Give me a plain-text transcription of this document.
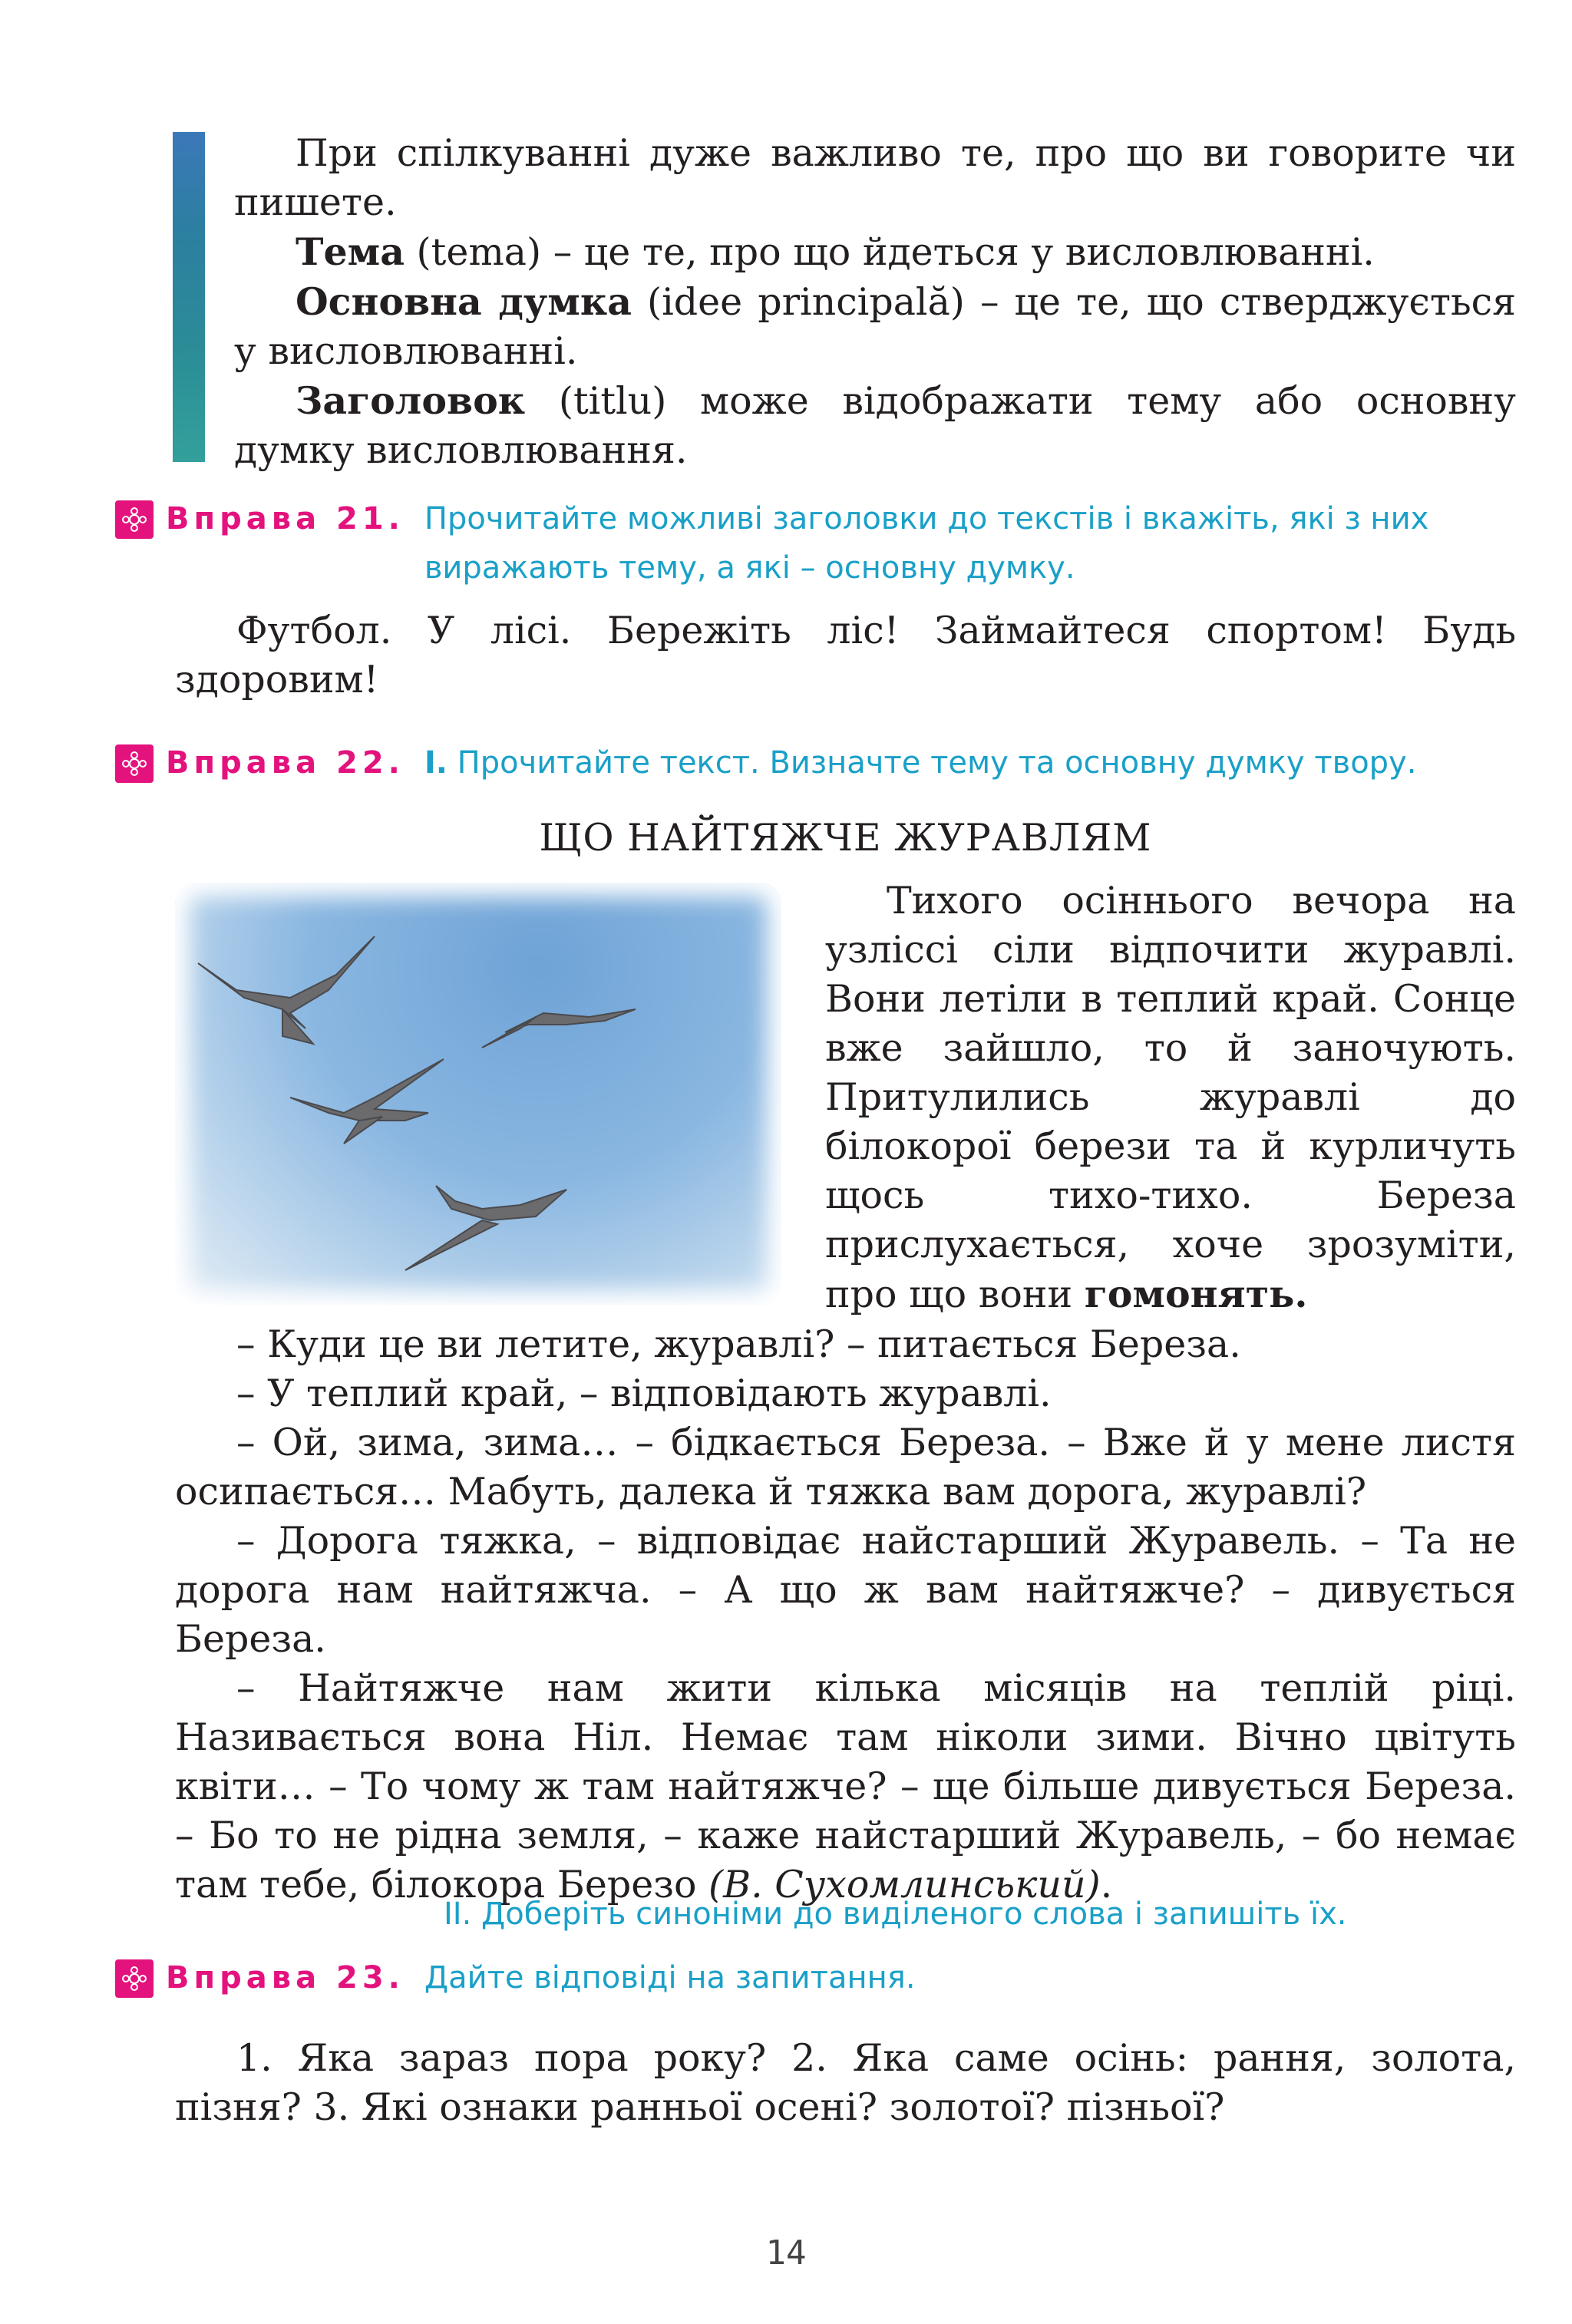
При спілкуванні дуже важливо те, про що ви говорите чи пишете.

Тема (tema) – це те, про що йдеться у висловлюванні.

Основна думка (idee principală) – це те, що стверджується у висловлюванні.

Заголовок (titlu) може відображати тему або основну думку висловлювання.

Вправа 21. Прочитайте можливі заголовки до текстів і вкажіть, які з них виражають тему, а які – основну думку.

Футбол. У лісі. Бережіть ліс! Займайтеся спортом! Будь здоровим!

Вправа 22. І. Прочитайте текст. Визначте тему та основну думку твору.
ЩО НАЙТЯЖЧЕ ЖУРАВЛЯМ

Тихого осіннього вечора на узліссі сіли відпочити журавлі. Вони летіли в теплий край. Сонце вже зайшло, то й заночують. Притулились журавлі до білокорої берези та й курличуть щось тихо-тихо. Береза прислухається, хоче зрозуміти, про що вони гомонять.

– Куди це ви летите, журавлі? – питається Береза.

– У теплий край, – відповідають журавлі.

– Ой, зима, зима… – бідкається Береза. – Вже й у мене листя осипається… Мабуть, далека й тяжка вам дорога, журавлі?

– Дорога тяжка, – відповідає найстарший Журавель. – Та не дорога нам найтяжча. – А що ж вам найтяжче? – дивується Береза.

– Найтяжче нам жити кілька місяців на теплій ріці. Називається вона Ніл. Немає там ніколи зими. Вічно цвітуть квіти… – То чому ж там найтяжче? – ще більше дивується Береза. – Бо то не рідна земля, – каже найстарший Журавель, – бо немає там тебе, білокора Березо (В. Сухомлинський).

ІІ. Доберіть синоніми до виділеного слова і запишіть їх.
Вправа 23. Дайте відповіді на запитання.

1. Яка зараз пора року? 2. Яка саме осінь: рання, золота, пізня? 3. Які ознаки ранньої осені? золотої? пізньої?

14
